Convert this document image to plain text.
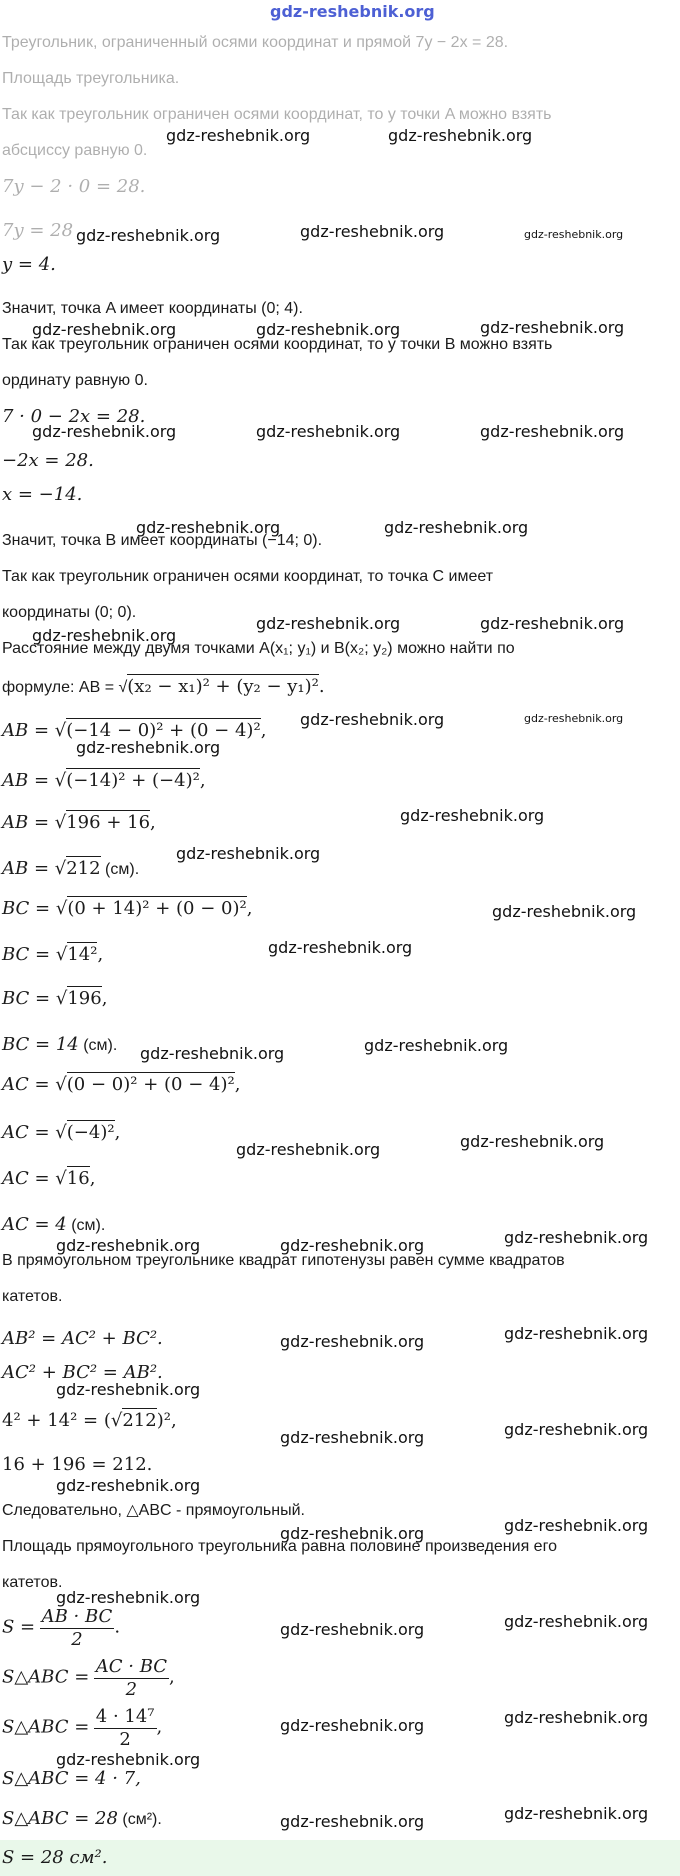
gdz-reshebnik.org
Треугольник, ограниченный осями координат и прямой 7y − 2x = 28.
Площадь треугольника.
Так как треугольник ограничен осями координат, то у точки A можно взять
абсциссу равную 0.
7y − 2 · 0 = 28.
7y = 28
y = 4.
Значит, точка A имеет координаты (0; 4).
Так как треугольник ограничен осями координат, то у точки B можно взять
ординату равную 0.
7 · 0 − 2x = 28.
−2x = 28.
x = −14.
Значит, точка B имеет координаты (−14; 0).
Так как треугольник ограничен осями координат, то точка C имеет
координаты (0; 0).
Расстояние между двумя точками A(x₁; y₁) и B(x₂; y₂) можно найти по
формуле: AB = √(x₂ − x₁)² + (y₂ − y₁)².
AB = √(−14 − 0)² + (0 − 4)²,
AB = √(−14)² + (−4)²,
AB = √196 + 16,
AB = √212 (см).
BC = √(0 + 14)² + (0 − 0)²,
BC = √14²,
BC = √196,
BC = 14 (см).
AC = √(0 − 0)² + (0 − 4)²,
AC = √(−4)²,
AC = √16,
AC = 4 (см).
В прямоугольном треугольнике квадрат гипотенузы равен сумме квадратов
катетов.
AB² = AC² + BC².
AC² + BC² = AB².
4² + 14² = (√212)²,
16 + 196 = 212.
Следовательно, △ABC - прямоугольный.
Площадь прямоугольного треугольника равна половине произведения его
катетов.
$S = \frac{AB \cdot BC}{2}$ .
S△ABC = $\frac{AC \cdot BC}{2}$ ,
S△ABC = $\frac{\text{4 · 14⁷}}{2}$ ,
S△ABC = 4 · 7,
S△ABC = 28 (см²).
S = 28 см².
gdz-reshebnik.org	gdz-reshebnik.org
gdz-reshebnik.org	gdz-reshebnik.org	gdz-reshebnik.org
gdz-reshebnik.org	gdz-reshebnik.org	gdz-reshebnik.org
gdz-reshebnik.org	gdz-reshebnik.org	gdz-reshebnik.org
gdz-reshebnik.org	gdz-reshebnik.org
gdz-reshebnik.org
gdz-reshebnik.org	gdz-reshebnik.org
gdz-reshebnik.org	gdz-reshebnik.org
gdz-reshebnik.org
gdz-reshebnik.org
gdz-reshebnik.org
gdz-reshebnik.org
gdz-reshebnik.org
gdz-reshebnik.org
gdz-reshebnik.org
gdz-reshebnik.org
gdz-reshebnik.org
gdz-reshebnik.org	gdz-reshebnik.org	gdz-reshebnik.org
gdz-reshebnik.org	gdz-reshebnik.org
gdz-reshebnik.org
gdz-reshebnik.org	gdz-reshebnik.org
gdz-reshebnik.org
gdz-reshebnik.org	gdz-reshebnik.org
gdz-reshebnik.org
gdz-reshebnik.org	gdz-reshebnik.org
gdz-reshebnik.org	gdz-reshebnik.org
gdz-reshebnik.org
gdz-reshebnik.org	gdz-reshebnik.org
